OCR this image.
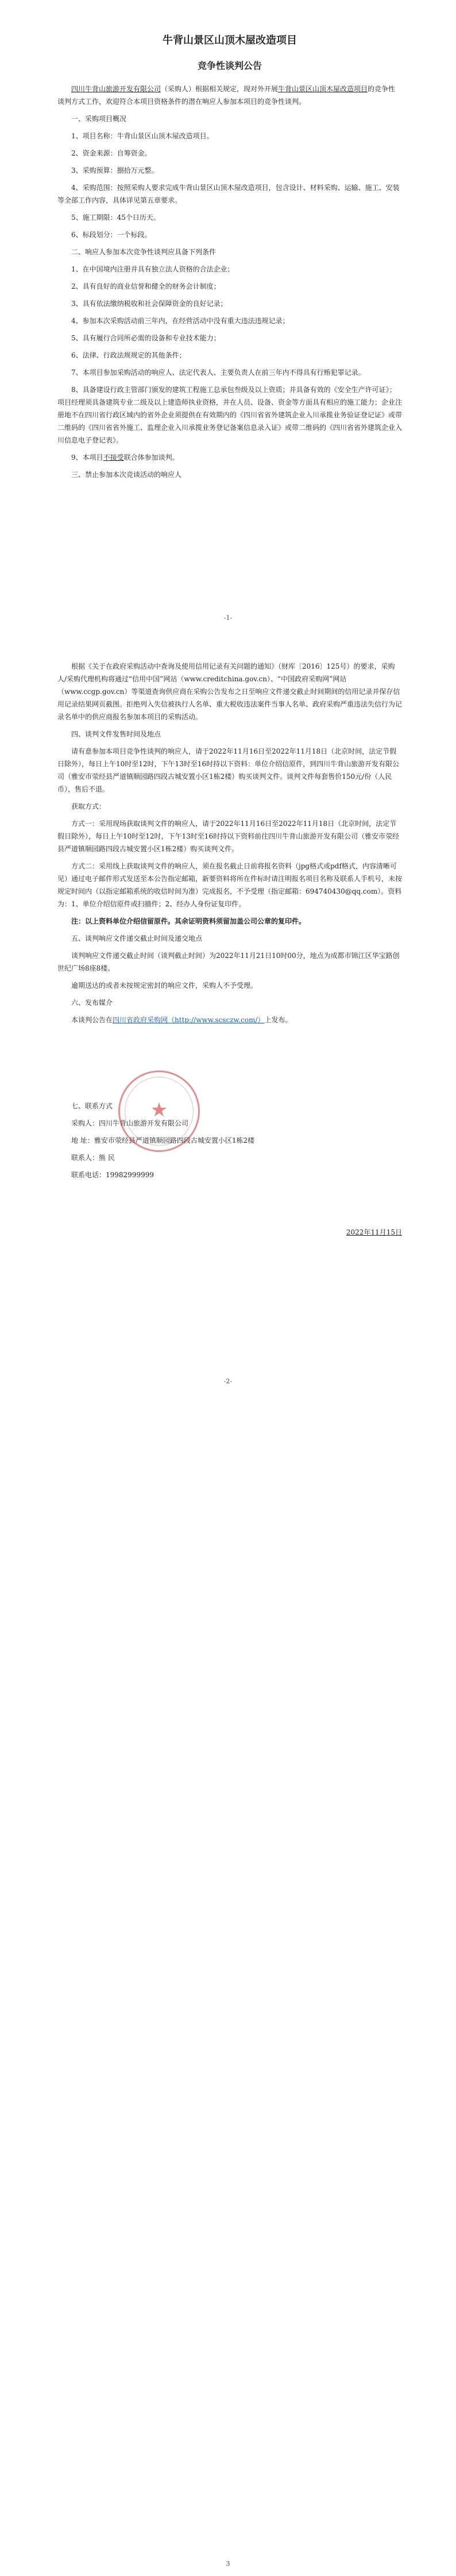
牛背山景区山顶木屋改造项目
竞争性谈判公告

四川牛背山旅游开发有限公司（采购人）根据相关规定，现对外开展牛背山景区山顶木屋改造项目的竞争性谈判方式工作，欢迎符合本项目资格条件的潜在响应人参加本项目的竞争性谈判。

一、采购项目概况

1、项目名称：牛背山景区山顶木屋改造项目。

2、资金来源：自筹资金。

3、采购预算：捌拾万元整。

4、采购范围：按照采购人要求完成牛背山景区山顶木屋改造项目，包含设计、材料采购、运输、施工、安装等全部工作内容，具体详见第五章要求。

5、施工期限：45个日历天。

6、标段划分：一个标段。

二、响应人参加本次竞争性谈判应具备下列条件

1、在中国境内注册并具有独立法人资格的合法企业；

2、具有良好的商业信誉和健全的财务会计制度；

3、具有依法缴纳税收和社会保障资金的良好记录；

4、参加本次采购活动前三年内，在经营活动中没有重大违法违规记录；

5、具有履行合同所必需的设备和专业技术能力；

6、法律、行政法规规定的其他条件；

7、本项目参加采购活动的响应人、法定代表人、主要负责人在前三年内不得具有行贿犯罪记录。

8、具备建设行政主管部门颁发的建筑工程施工总承包叁级及以上资质；并具备有效的《安全生产许可证》；项目经理须具备建筑专业二级及以上建造师执业资格，并在人员、设备、资金等方面具有相应的施工能力；企业注册地不在四川省行政区域内的省外企业须提供在有效期内的《四川省省外建筑企业入川承揽业务验证登记证》或带二维码的《四川省省外施工、监理企业入川承揽业务登记备案信息录入证》或带二维码的《四川省省外建筑企业入川信息电子登记表》。

9、本项目不接受联合体参加谈判。

三、禁止参加本次竞谈活动的响应人

-1-

根据《关于在政府采购活动中查询及使用信用记录有关问题的通知》（财库〔2016〕125号）的要求，采购人/采购代理机构将通过“信用中国”网站（www.creditchina.gov.cn）、“中国政府采购网”网站（www.ccgp.gov.cn）等渠道查询供应商在采购公告发布之日至响应文件递交截止时间期间的信用记录并保存信用记录结果网页截图。拒绝列入失信被执行人名单、重大税收违法案件当事人名单、政府采购严重违法失信行为记录名单中的供应商报名参加本项目的采购活动。

四、谈判文件发售时间及地点

请有意参加本项目竞争性谈判的响应人，请于2022年11月16日至2022年11月18日（北京时间，法定节假日除外），每日上午10时至12时，下午13时至16时持以下资料：单位介绍信原件，到四川牛背山旅游开发有限公司（雅安市荥经县严道镇顺园路四段古城安置小区1栋2楼）购买谈判文件。谈判文件每套售价150元/份（人民币），售后不退。

获取方式：

方式一：采用现场获取谈判文件的响应人，请于2022年11月16日至2022年11月18日（北京时间，法定节假日除外），每日上午10时至12时，下午13时至16时持以下资料前往四川牛背山旅游开发有限公司（雅安市荥经县严道镇顺园路四段古城安置小区1栋2楼）购买谈判文件。

方式二：采用线上获取谈判文件的响应人，须在报名截止日前将报名资料（jpg格式或pdf格式，内容清晰可见）通过电子邮件形式发送至本公告指定邮箱，新要资料将所在件标时请注明报名项目名称及联系人手机号，未按规定时间内（以指定邮箱系统的收信时间为准）完成报名，不予受理（指定邮箱：694740430@qq.com）。资料为：1、单位介绍信原件或扫描件；2、经办人身份证复印件。

注：以上资料单位介绍信留原件。其余证明资料须留加盖公司公章的复印件。

五、谈判响应文件递交截止时间及递交地点

谈判响应文件递交截止时间（谈判截止时间）为2022年11月21日10时00分，地点为成都市锦江区华宝路创世纪广场8座8楼。

逾期送达的或者未按规定密封的响应文件，采购人不予受理。

六、发布媒介

本谈判公告在四川省政府采购网（http://www.scsczw.com/）上发布。

七、联系方式

采购人：四川牛背山旅游开发有限公司

地 址：雅安市荥经县严道镇顺园路四段古城安置小区1栋2楼

联系人：熊 民

联系电话：19982999999

2022年11月15日

★
-2-
3
